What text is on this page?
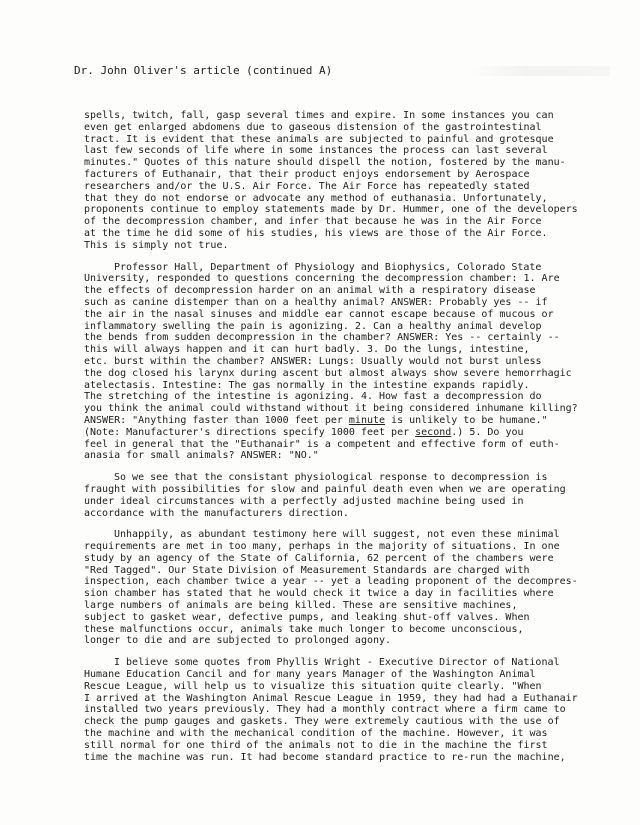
Dr. John Oliver's article (continued A)
spells, twitch, fall, gasp several times and expire. In some instances you can
even get enlarged abdomens due to gaseous distension of the gastrointestinal
tract. It is evident that these animals are subjected to painful and grotesque
last few seconds of life where in some instances the process can last several
minutes." Quotes of this nature should dispell the notion, fostered by the manu-
facturers of Euthanair, that their product enjoys endorsement by Aerospace
researchers and/or the U.S. Air Force. The Air Force has repeatedly stated
that they do not endorse or advocate any method of euthanasia. Unfortunately,
proponents continue to employ statements made by Dr. Hummer, one of the developers
of the decompression chamber, and infer that because he was in the Air Force
at the time he did some of his studies, his views are those of the Air Force.
This is simply not true.
Professor Hall, Department of Physiology and Biophysics, Colorado State
University, responded to questions concerning the decompression chamber: 1. Are
the effects of decompression harder on an animal with a respiratory disease
such as canine distemper than on a healthy animal? ANSWER: Probably yes -- if
the air in the nasal sinuses and middle ear cannot escape because of mucous or
inflammatory swelling the pain is agonizing. 2. Can a healthy animal develop
the bends from sudden decompression in the chamber? ANSWER: Yes -- certainly --
this will always happen and it can hurt badly. 3. Do the lungs, intestine,
etc. burst within the chamber? ANSWER: Lungs: Usually would not burst unless
the dog closed his larynx during ascent but almost always show severe hemorrhagic
atelectasis. Intestine: The gas normally in the intestine expands rapidly.
The stretching of the intestine is agonizing. 4. How fast a decompression do
you think the animal could withstand without it being considered inhumane killing?
ANSWER: "Anything faster than 1000 feet per minute is unlikely to be humane."
(Note: Manufacturer's directions specify 1000 feet per second.) 5. Do you
feel in general that the "Euthanair" is a competent and effective form of euth-
anasia for small animals? ANSWER: "NO."
So we see that the consistant physiological response to decompression is
fraught with possibilities for slow and painful death even when we are operating
under ideal circumstances with a perfectly adjusted machine being used in
accordance with the manufacturers direction.
Unhappily, as abundant testimony here will suggest, not even these minimal
requirements are met in too many, perhaps in the majority of situations. In one
study by an agency of the State of California, 62 percent of the chambers were
"Red Tagged". Our State Division of Measurement Standards are charged with
inspection, each chamber twice a year -- yet a leading proponent of the decompres-
sion chamber has stated that he would check it twice a day in facilities where
large numbers of animals are being killed. These are sensitive machines,
subject to gasket wear, defective pumps, and leaking shut-off valves. When
these malfunctions occur, animals take much longer to become unconscious,
longer to die and are subjected to prolonged agony.
I believe some quotes from Phyllis Wright - Executive Director of National
Humane Education Cancil and for many years Manager of the Washington Animal
Rescue League, will help us to visualize this situation quite clearly. "When
I arrived at the Washington Animal Rescue League in 1959, they had had a Euthanair
installed two years previously. They had a monthly contract where a firm came to
check the pump gauges and gaskets. They were extremely cautious with the use of
the machine and with the mechanical condition of the machine. However, it was
still normal for one third of the animals not to die in the machine the first
time the machine was run. It had become standard practice to re-run the machine,
